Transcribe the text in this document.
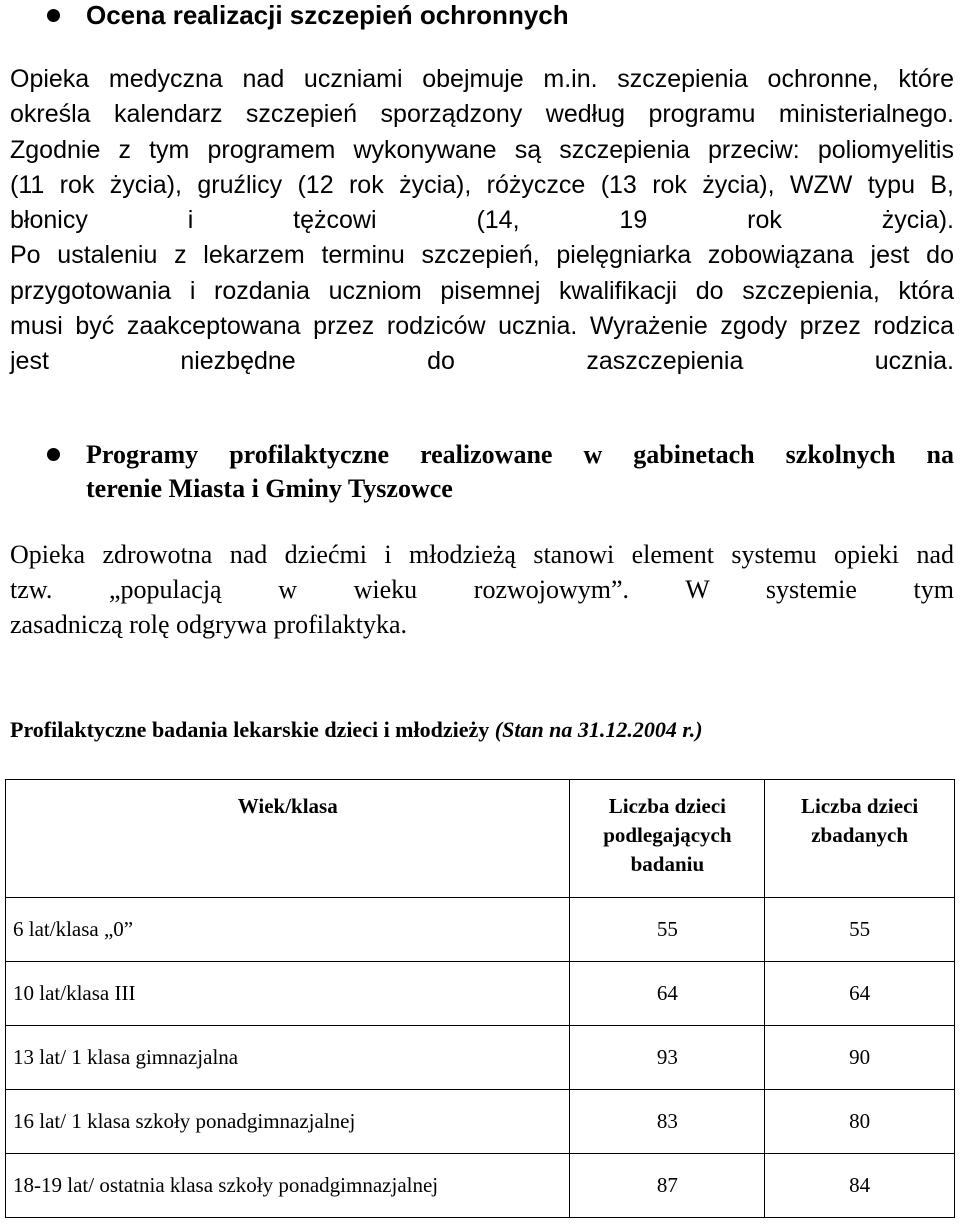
Ocena realizacji szczepień ochronnych
Opieka medyczna nad uczniami obejmuje m.in. szczepienia ochronne, które
określa kalendarz szczepień sporządzony według programu ministerialnego.
Zgodnie z tym programem wykonywane są szczepienia przeciw: poliomyelitis
(11 rok życia), gruźlicy (12 rok życia), różyczce (13 rok życia), WZW typu B,
błonicy i tężcowi (14, 19 rok życia).
Po ustaleniu z lekarzem terminu szczepień, pielęgniarka zobowiązana jest do
przygotowania i rozdania uczniom pisemnej kwalifikacji do szczepienia, która
musi być zaakceptowana przez rodziców ucznia. Wyrażenie zgody przez rodzica
jest niezbędne do zaszczepienia ucznia.
Programy profilaktyczne realizowane w gabinetach szkolnych na
terenie Miasta i Gminy Tyszowce
Opieka zdrowotna nad dziećmi i młodzieżą stanowi element systemu opieki nad
tzw. „populacją w wieku rozwojowym”. W systemie tym
zasadniczą rolę odgrywa profilaktyka.
Profilaktyczne badania lekarskie dzieci i młodzieży (Stan na 31.12.2004 r.)
Wiek/klasa	Liczba dzieci podlegających badaniu	Liczba dzieci zbadanych
6 lat/klasa „0”	55	55
10 lat/klasa III	64	64
13 lat/ 1 klasa gimnazjalna	93	90
16 lat/ 1 klasa szkoły ponadgimnazjalnej	83	80
18-19 lat/ ostatnia klasa szkoły ponadgimnazjalnej	87	84
